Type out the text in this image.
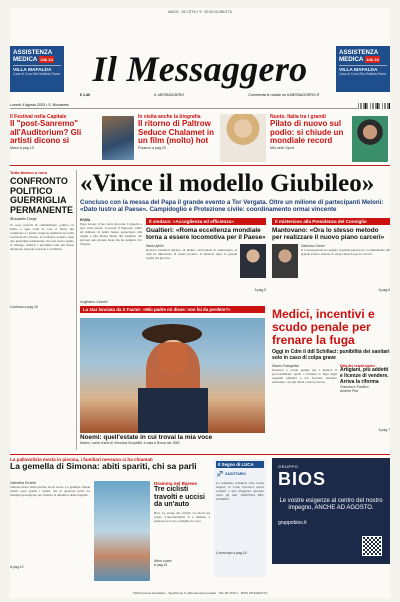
MAGG · 28 CITTA + 9 · 00:00:23 UBUTTA
ASSISTENZA MEDICA 24h 24
VILLA MAFALDA
Casa di Cura Villa Mafalda Roma Il Messaggero	ASSISTENZA MEDICA 24h 24
VILLA MAFALDA
Casa di Cura Villa Mafalda Roma
€ 1,40	IL MESSAGGERO	Commenta le notizie su ILMESSAGGERO.IT
Lunedì 4 Agosto 2025 • S. Nicodemo
Il Festival nella Capitale
Il "post-Sanremo" all'Auditorium? Gli artisti dicono sì
Marzi a pag.15
In visita anche la biografia
Il ritorno di Paltrow Seduce Chalamet in un film (molto) hot
Polanco a pag.20
Nuoto. Italia tra i grandi
Pilato di nuovo sul podio: si chiude un mondiale record
Moi nello Sport
Tutto bianco o nero
CONFRONTO POLITICO GUERRIGLIA PERMANENTE
Alessandro Campi
Ci sono periodi di cambiamento politico in Italia, e ogni volta le cose si fanno più complesse e i leader vengono giudicati su scelte sociali molto diverse. Il confronto politico resta una guerriglia permanente che non lascia spazio al dialogo, mentre i problemi reali del Paese attendono risposte concrete e condivise.
Continua a pag.18
«Vince il modello Giubileo»
Concluso con la messa del Papa il grande evento a Tor Vergata. Oltre un milione di partecipanti Meloni: «Dato lustro al Paese». Campidoglio e Protezione civile: coordinamento ormai vincente
ROMA
Papa Leone, il tuo cuore giovane. L'appello a non avere paura: «Cercate il Signore». Oltre un milione di fedeli hanno partecipato alla veglia e alla messa finale del Giubileo dei giovani, una grande festa che ha riempito Tor Vergata.
Guglielmo Ginnelli
Il sindaco: «Accoglienza ed efficienza»
Gualtieri: «Roma eccellenza mondiale torna a essere locomotiva per il Paese»
Mario Ajello
Roberto Gualtieri sindaco di Roma: «Un'ondata di entusiasmo, la città ha dimostrato di essere pronta». Il bilancio dopo la grande veglia dei giovani.
A pag.5
Il misterioso alla Presidenza del Consiglio
Mantovano: «Ora lo stesso metodo per realizzare il nuovo piano carceri»
Gianluca Garini
Il sottosegretario ha seguito in prima persona il coordinamento del grande evento. Adesso lo stesso metodo per le carceri.
A pag.6
La star lanciata da X Factor: «Mio padre mi disse: non fai da perdere?»
Noemi: quell'estate in cui trovai la mia voce
Noemi, nome d'arte di Veronica Scopelliti, è nata a Roma nel 1982
Medici, incentivi e scudo penale per frenare la fuga
Oggi in Cdm il ddl Schillaci: punibilità dei sanitari solo in caso di colpa grave
Mauro Evangelisti
Incentivi e scudo penale per i medici: il provvedimento punta a fermare la fuga dagli ospedali pubblici e dal Servizio sanitario nazionale, con più tutele e nuove risorse.
Dilla dei ceanti storici
Artigiani, più addetti e licenze di vendere. Arriva la riforma
Francesco Pacifico
Andrea Pira
A pag.7
La pallavolista morta in piscina, i familiari nessuno ci ha chiamati
La gemella di Simona: abiti spariti, chi sa parli
Valentina Errante
Simona morta nella piscina di un resort. La gemella chiede verità: sono spariti i vestiti, chi sa qualcosa parli. Le indagini proseguono per chiarire la dinamica della tragedia.
A pag.13
Dramma nel Barese
Tre ciclisti travolti e uccisi da un'auto
Bari. La strage dei ciclisti: tre morti sul colpo. L'automobilista si è fermato a prestare soccorso, indagini in corso.
Mirco Isano
a pag.15
Il Segno di LUCA
♐ SAGITTARIO
La settimana comincia sotto buoni auspici, la Luna favorisce nuovi contatti e una maggiore apertura verso gli altri. MANTRA DEL GIORNO.
L'oroscopo a pag.14
GRUPPO
BIOS
Le vostre esigenze al centro del nostro impegno, ANCHE AD AGOSTO.
gruppobios.it
*Abbinamento facoltativo · Spedizione in abbonamento postale · TEL 06.4720.1 · BIOS INTEGRATIVI
